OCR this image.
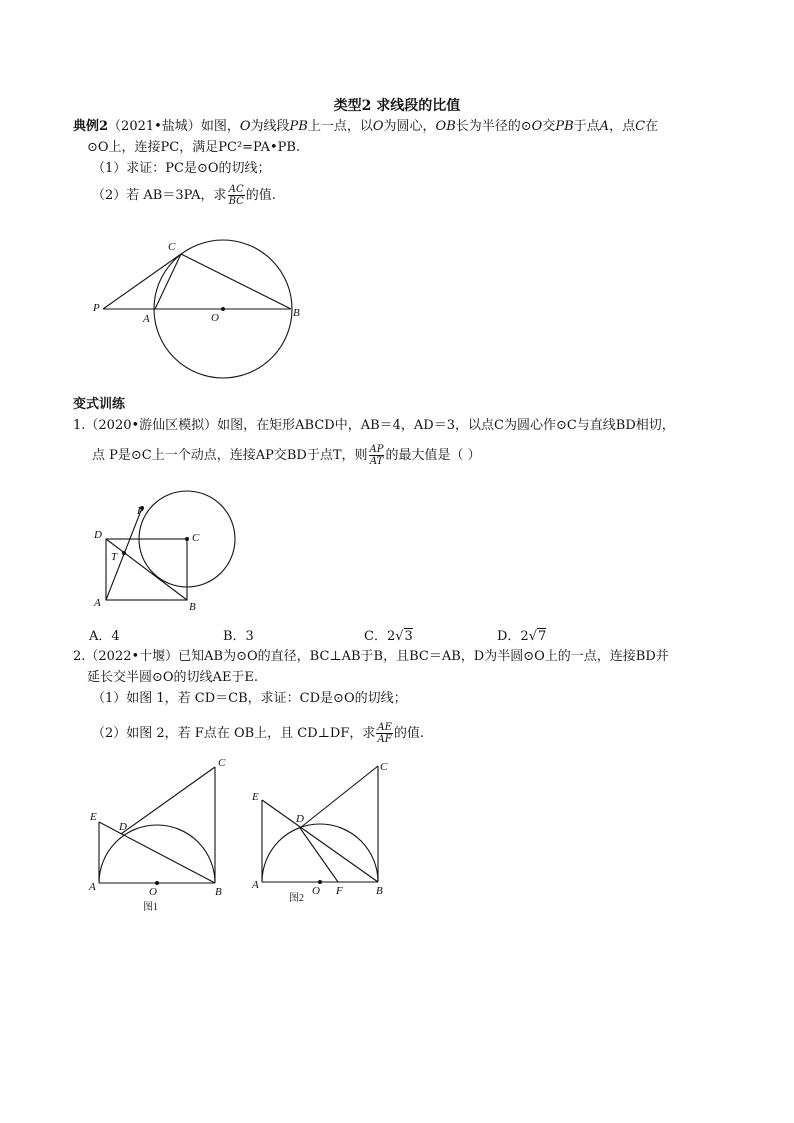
类型2 求线段的比值
典例2（2021•盐城）如图，O为线段PB上一点，以O为圆心，OB长为半径的⊙O交PB于点A，点C在
⊙O上，连接PC，满足PC²=PA•PB.
（1）求证：PC是⊙O的切线；
（2）若 AB＝3PA，求 $\frac{AC}{BC}$ 的值.
P
A	O	B
C
变式训练
1.（2020•游仙区模拟）如图，在矩形ABCD中，AB＝4，AD＝3，以点C为圆心作⊙C与直线BD相切，
点 P是⊙C上一个动点，连接AP交BD于点T，则 $\frac{AP}{AT}$ 的最大值是（ ）
P
D	C
T
A	B
A．4	B．3	C．2√3	D．2√7
2.（2022•十堰）已知AB为⊙O的直径，BC⊥AB于B，且BC＝AB，D为半圆⊙O上的一点，连接BD并
延长交半圆⊙O的切线AE于E.
（1）如图 1，若 CD＝CB，求证：CD是⊙O的切线；
（2）如图 2，若 F点在 OB上，且 CD⊥DF，求 $\frac{AE}{AF}$ 的值.
E
D
C
A	O	B
图1
E
D
C
A	O F	B
图2
